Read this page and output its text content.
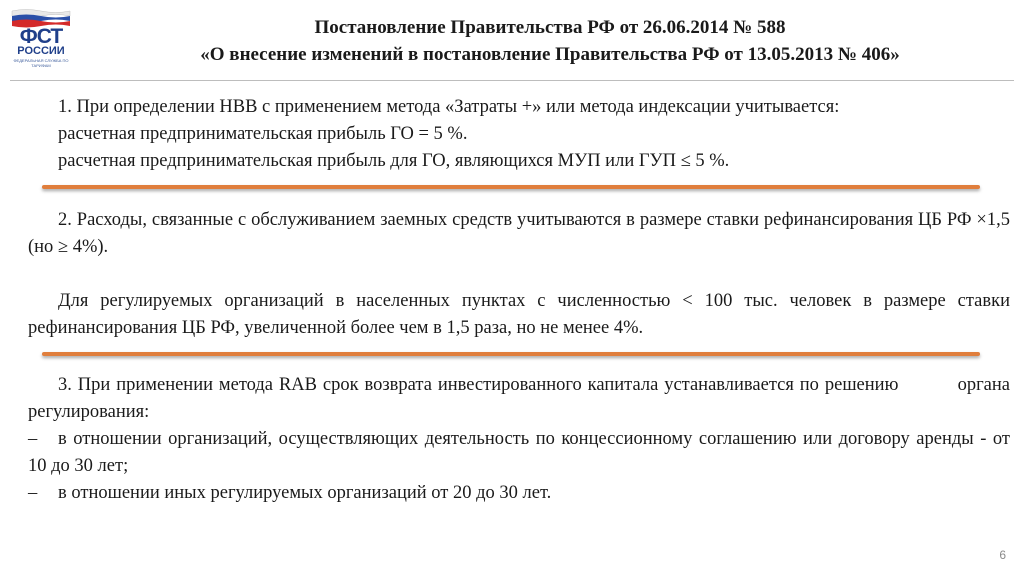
ФСТ
РОССИИ
ФЕДЕРАЛЬНАЯ СЛУЖБА ПО ТАРИФАМ
Постановление Правительства РФ от 26.06.2014 № 588
«О внесение изменений в постановление Правительства РФ от 13.05.2013 № 406»

1. При определении НВВ с применением метода «Затраты +» или метода индексации учитывается:

расчетная предпринимательская прибыль ГО = 5 %.

расчетная предпринимательская прибыль для ГО, являющихся МУП или ГУП ≤ 5 %.

2. Расходы, связанные с обслуживанием заемных средств учитываются в размере ставки рефинансирования ЦБ РФ ×1,5 (но ≥ 4%).

Для регулируемых организаций в населенных пунктах с численностью < 100 тыс. человек в размере ставки рефинансирования ЦБ РФ, увеличенной более чем в 1,5 раза, но не менее 4%.

3. При применении метода RAB срок возврата инвестированного капитала устанавливается по решению          органа регулирования:

– в отношении организаций, осуществляющих деятельность по концессионному соглашению или договору аренды - от 10 до 30 лет;

– в отношении иных регулируемых организаций от 20 до 30 лет.

6
